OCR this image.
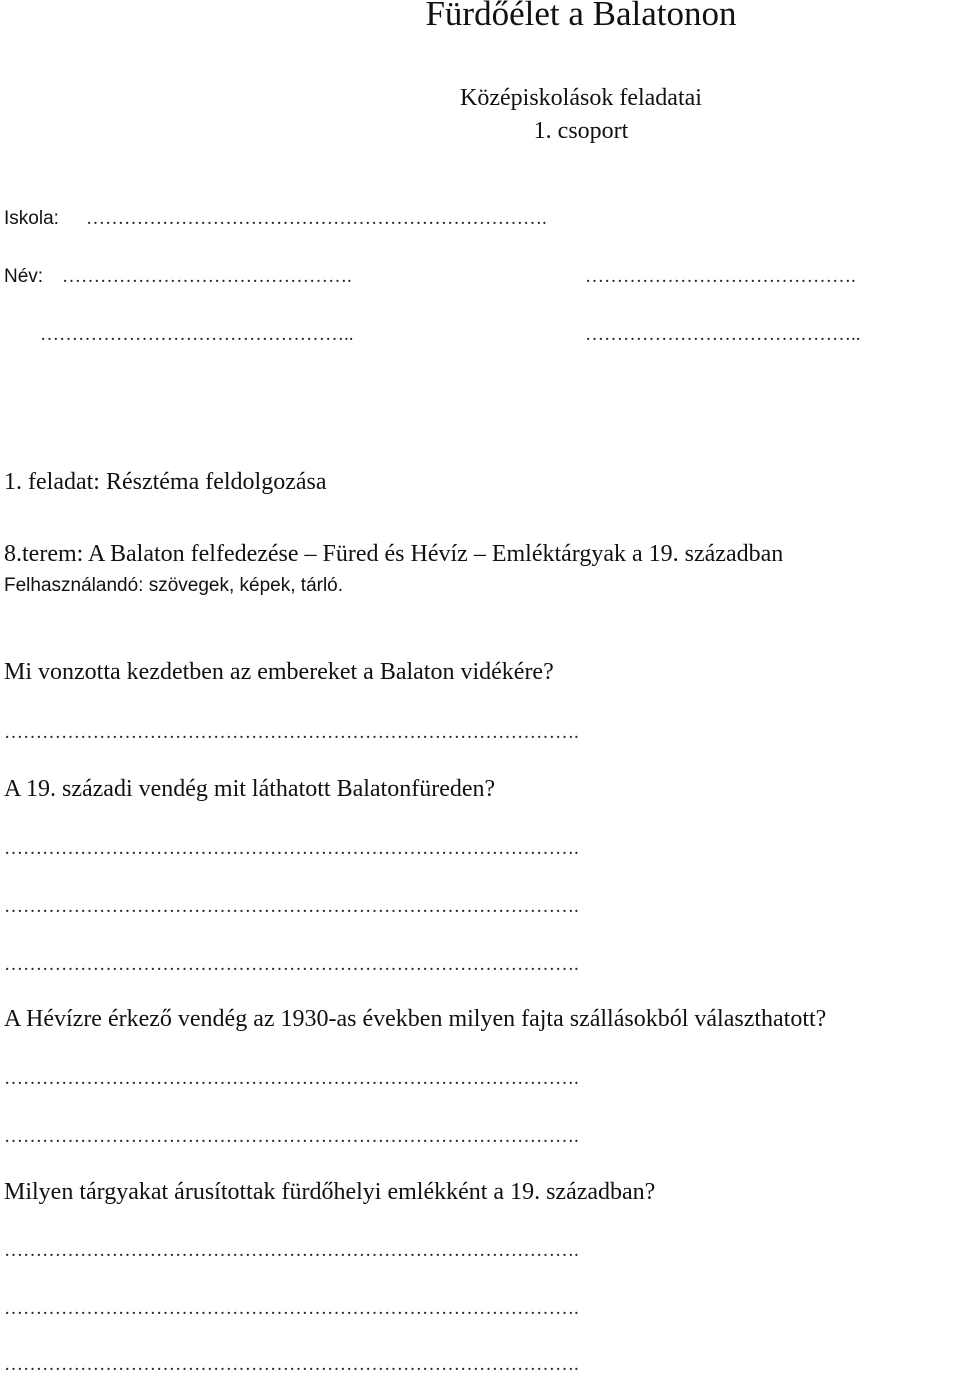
Fürdőélet a Balatonon
Középiskolások feladatai
1. csoport
Iskola: ……………………………………………………………….
Név: ……………………………………….	…………………………………….
…………………………………………..	……………………………………..
1. feladat: Résztéma feldolgozása
8.terem: A Balaton felfedezése – Füred és Hévíz – Emléktárgyak a 19. században
Felhasználandó: szövegek, képek, tárló.
Mi vonzotta kezdetben az embereket a Balaton vidékére?
……………………………………………………………………………….
A 19. századi vendég mit láthatott Balatonfüreden?
……………………………………………………………………………….
……………………………………………………………………………….
……………………………………………………………………………….
A Hévízre érkező vendég az 1930-as években milyen fajta szállásokból választhatott?
……………………………………………………………………………….
……………………………………………………………………………….
Milyen tárgyakat árusítottak fürdőhelyi emlékként a 19. században?
……………………………………………………………………………….
……………………………………………………………………………….
……………………………………………………………………………….
